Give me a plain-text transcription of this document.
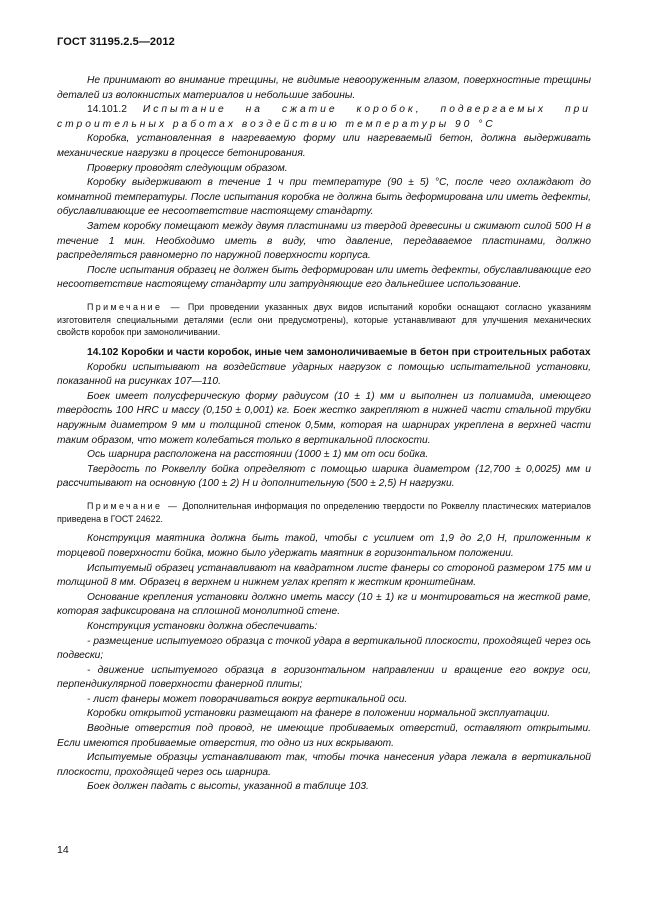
ГОСТ 31195.2.5—2012

Не принимают во внимание трещины, не видимые невооруженным глазом, поверхностные трещины деталей из волокнистых материалов и небольшие забоины.

14.101.2 Испытание на сжатие коробок, подвергаемых при строительных работах воздействию температуры 90 °С

Коробка, установленная в нагреваемую форму или нагреваемый бетон, должна выдерживать механические нагрузки в процессе бетонирования.

Проверку проводят следующим образом.

Коробку выдерживают в течение 1 ч при температуре (90 ± 5) °С, после чего охлаждают до комнатной температуры. После испытания коробка не должна быть деформирована или иметь дефекты, обуславливающие ее несоответствие настоящему стандарту.

Затем коробку помещают между двумя пластинами из твердой древесины и сжимают силой 500 Н в течение 1 мин. Необходимо иметь в виду, что давление, передаваемое пластинами, должно распределяться равномерно по наружной поверхности корпуса.

После испытания образец не должен быть деформирован или иметь дефекты, обуславливающие его несоответствие настоящему стандарту или затрудняющие его дальнейшее использование.

Примечание — При проведении указанных двух видов испытаний коробки оснащают согласно указаниям изготовителя специальными деталями (если они предусмотрены), которые устанавливают для улучшения механических свойств коробок при замоноличивании.

14.102 Коробки и части коробок, иные чем замоноличиваемые в бетон при строительных работах

Коробки испытывают на воздействие ударных нагрузок с помощью испытательной установки, показанной на рисунках 107—110.

Боек имеет полусферическую форму радиусом (10 ± 1) мм и выполнен из полиамида, имеющего твердость 100 HRC и массу (0,150 ± 0,001) кг. Боек жестко закрепляют в нижней части стальной трубки наружным диаметром 9 мм и толщиной стенок 0,5мм, которая на шарнирах укреплена в верхней части таким образом, что может колебаться только в вертикальной плоскости.

Ось шарнира расположена на расстоянии (1000 ± 1) мм от оси бойка.

Твердость по Роквеллу бойка определяют с помощью шарика диаметром (12,700 ± 0,0025) мм и рассчитывают на основную (100 ± 2) Н и дополнительную (500 ± 2,5) Н нагрузки.

Примечание — Дополнительная информация по определению твердости по Роквеллу пластических материалов приведена в ГОСТ 24622.

Конструкция маятника должна быть такой, чтобы с усилием от 1,9 до 2,0 Н, приложенным к торцевой поверхности бойка, можно было удержать маятник в горизонтальном положении.

Испытуемый образец устанавливают на квадратном листе фанеры со стороной размером 175 мм и толщиной 8 мм. Образец в верхнем и нижнем углах крепят к жестким кронштейнам.

Основание крепления установки должно иметь массу (10 ± 1) кг и монтироваться на жесткой раме, которая зафиксирована на сплошной монолитной стене.

Конструкция установки должна обеспечивать:

- размещение испытуемого образца с точкой удара в вертикальной плоскости, проходящей через ось подвески;

- движение испытуемого образца в горизонтальном направлении и вращение его вокруг оси, перпендикулярной поверхности фанерной плиты;

- лист фанеры может поворачиваться вокруг вертикальной оси.

Коробки открытой установки размещают на фанере в положении нормальной эксплуатации.

Вводные отверстия под провод, не имеющие пробиваемых отверстий, оставляют открытыми. Если имеются пробиваемые отверстия, то одно из них вскрывают.

Испытуемые образцы устанавливают так, чтобы точка нанесения удара лежала в вертикальной плоскости, проходящей через ось шарнира.

Боек должен падать с высоты, указанной в таблице 103.

14
